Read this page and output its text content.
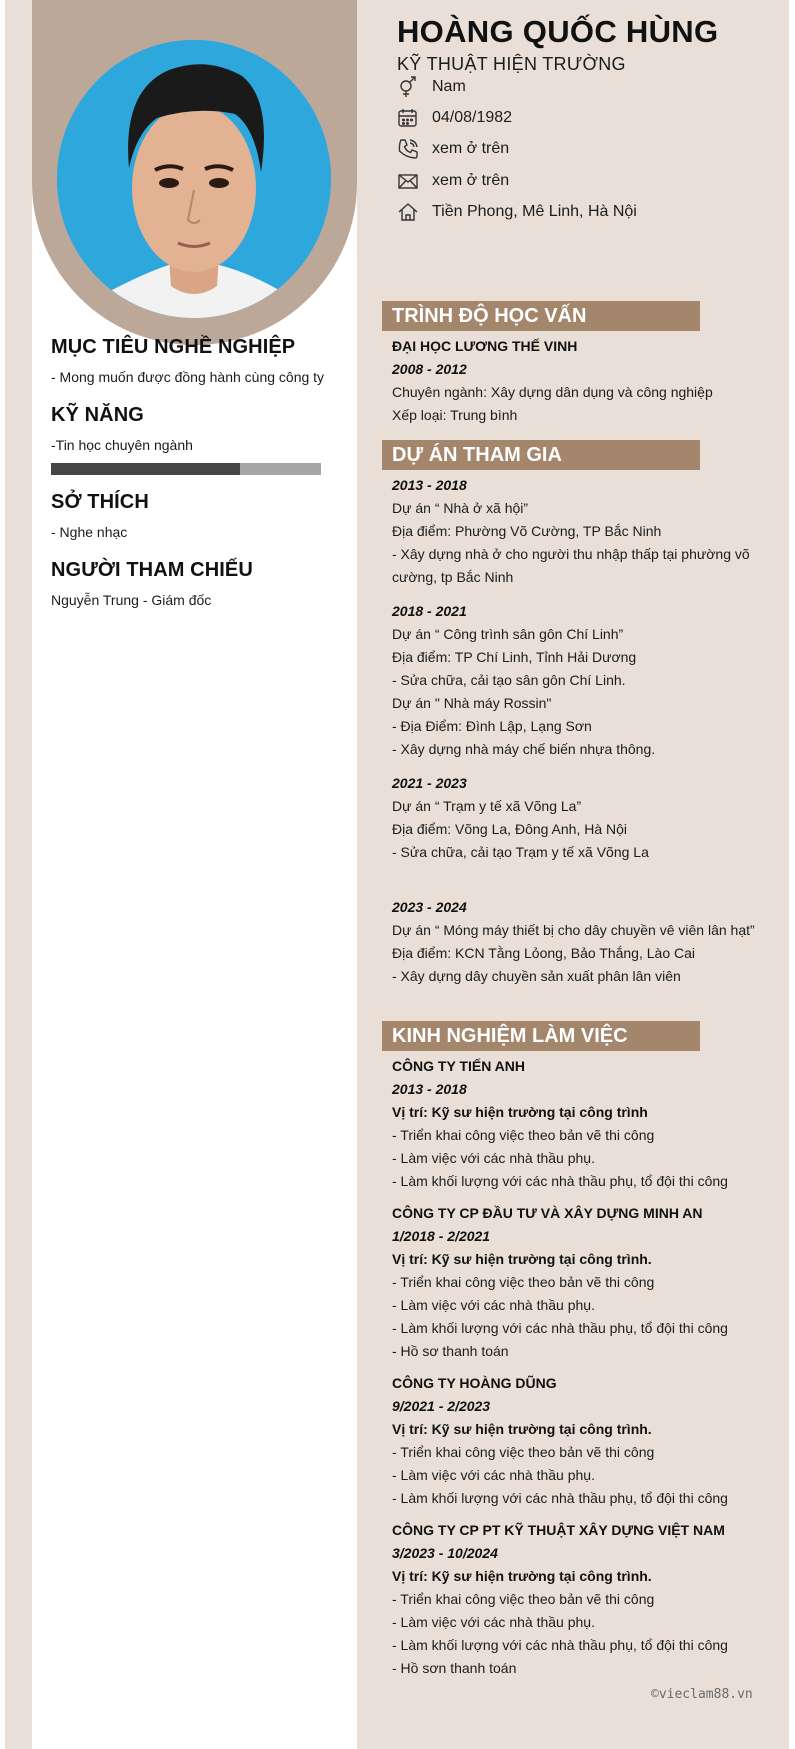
MỤC TIÊU NGHỀ NGHIỆP
- Mong muốn được đồng hành cùng công ty
KỸ NĂNG
-Tin học chuyên ngành
SỞ THÍCH
- Nghe nhạc
NGƯỜI THAM CHIẾU
Nguyễn Trung - Giám đốc
HOÀNG QUỐC HÙNG
KỸ THUẬT HIỆN TRƯỜNG
Nam
04/08/1982
xem ở trên
xem ở trên
Tiền Phong, Mê Linh, Hà Nội
TRÌNH ĐỘ HỌC VẤN
ĐẠI HỌC LƯƠNG THẾ VINH
2008 - 2012
Chuyên ngành: Xây dựng dân dụng và công nghiệp
Xếp loại: Trung bình
DỰ ÁN THAM GIA
2013 - 2018
Dự án “ Nhà ở xã hội”
Địa điểm: Phường Võ Cường, TP Bắc Ninh
- Xây dựng nhà ở cho người thu nhập thấp tại phường võ
cường, tp Bắc Ninh
2018 - 2021
Dự án “ Công trình sân gôn Chí Linh”
Địa điểm: TP Chí Linh, Tỉnh Hải Dương
- Sửa chữa, cải tạo sân gôn Chí Linh.
Dự án " Nhà máy Rossin"
- Địa Điểm: Đình Lập, Lạng Sơn
- Xây dựng nhà máy chế biến nhựa thông.
2021 - 2023
Dự án “ Trạm y tế xã Võng La”
Địa điểm: Võng La, Đông Anh, Hà Nội
- Sửa chữa, cải tạo Trạm y tế xã Võng La
2023 - 2024
Dự án “ Móng máy thiết bị cho dây chuyền vê viên lân hạt”
Địa điểm: KCN Tằng Lỏong, Bảo Thắng, Lào Cai
- Xây dựng dây chuyền sản xuất phân lân viên
KINH NGHIỆM LÀM VIỆC
CÔNG TY TIẾN ANH
2013 - 2018
Vị trí: Kỹ sư hiện trường tại công trình
- Triển khai công việc theo bản vẽ thi công
- Làm việc với các nhà thầu phụ.
- Làm khối lượng với các nhà thầu phụ, tổ đội thi công
CÔNG TY CP ĐẦU TƯ VÀ XÂY DỰNG MINH AN
1/2018 - 2/2021
Vị trí: Kỹ sư hiện trường tại công trình.
- Triển khai công việc theo bản vẽ thi công
- Làm việc với các nhà thầu phụ.
- Làm khối lượng với các nhà thầu phụ, tổ đội thi công
- Hồ sơ thanh toán
CÔNG TY HOÀNG DŨNG
9/2021 - 2/2023
Vị trí: Kỹ sư hiện trường tại công trình.
- Triển khai công việc theo bản vẽ thi công
- Làm việc với các nhà thầu phụ.
- Làm khối lượng với các nhà thầu phụ, tổ đội thi công
CÔNG TY CP PT KỸ THUẬT XÂY DỰNG VIỆT NAM
3/2023 - 10/2024
Vị trí: Kỹ sư hiện trường tại công trình.
- Triển khai công việc theo bản vẽ thi công
- Làm việc với các nhà thầu phụ.
- Làm khối lượng với các nhà thầu phụ, tổ đội thi công
- Hồ sơn thanh toán
©vieclam88.vn
